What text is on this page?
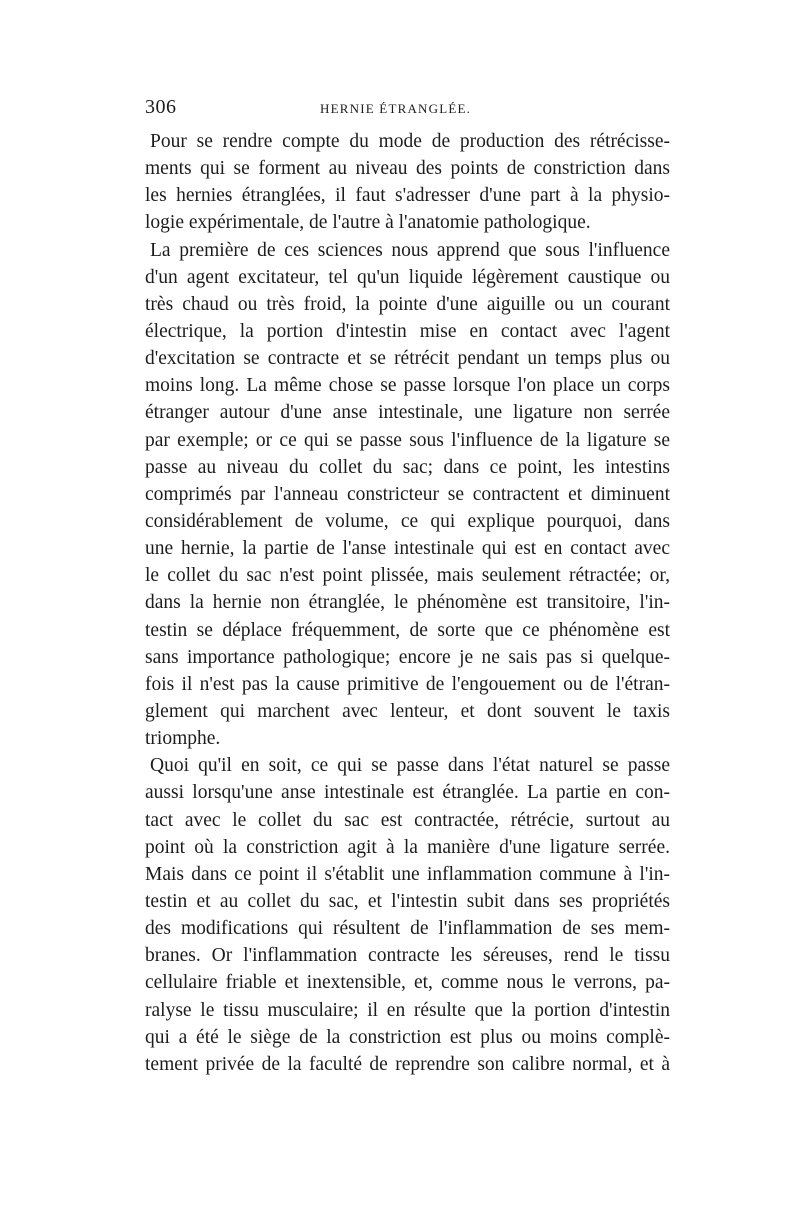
306	HERNIE ÉTRANGLÉE.
Pour se rendre compte du mode de production des rétrécisse-
ments qui se forment au niveau des points de constriction dans
les hernies étranglées, il faut s'adresser d'une part à la physio-
logie expérimentale, de l'autre à l'anatomie pathologique.
La première de ces sciences nous apprend que sous l'influence
d'un agent excitateur, tel qu'un liquide légèrement caustique ou
très chaud ou très froid, la pointe d'une aiguille ou un courant
électrique, la portion d'intestin mise en contact avec l'agent
d'excitation se contracte et se rétrécit pendant un temps plus ou
moins long. La même chose se passe lorsque l'on place un corps
étranger autour d'une anse intestinale, une ligature non serrée
par exemple; or ce qui se passe sous l'influence de la ligature se
passe au niveau du collet du sac; dans ce point, les intestins
comprimés par l'anneau constricteur se contractent et diminuent
considérablement de volume, ce qui explique pourquoi, dans
une hernie, la partie de l'anse intestinale qui est en contact avec
le collet du sac n'est point plissée, mais seulement rétractée; or,
dans la hernie non étranglée, le phénomène est transitoire, l'in-
testin se déplace fréquemment, de sorte que ce phénomène est
sans importance pathologique; encore je ne sais pas si quelque-
fois il n'est pas la cause primitive de l'engouement ou de l'étran-
glement qui marchent avec lenteur, et dont souvent le taxis
triomphe.
Quoi qu'il en soit, ce qui se passe dans l'état naturel se passe
aussi lorsqu'une anse intestinale est étranglée. La partie en con-
tact avec le collet du sac est contractée, rétrécie, surtout au
point où la constriction agit à la manière d'une ligature serrée.
Mais dans ce point il s'établit une inflammation commune à l'in-
testin et au collet du sac, et l'intestin subit dans ses propriétés
des modifications qui résultent de l'inflammation de ses mem-
branes. Or l'inflammation contracte les séreuses, rend le tissu
cellulaire friable et inextensible, et, comme nous le verrons, pa-
ralyse le tissu musculaire; il en résulte que la portion d'intestin
qui a été le siège de la constriction est plus ou moins complè-
tement privée de la faculté de reprendre son calibre normal, et à
